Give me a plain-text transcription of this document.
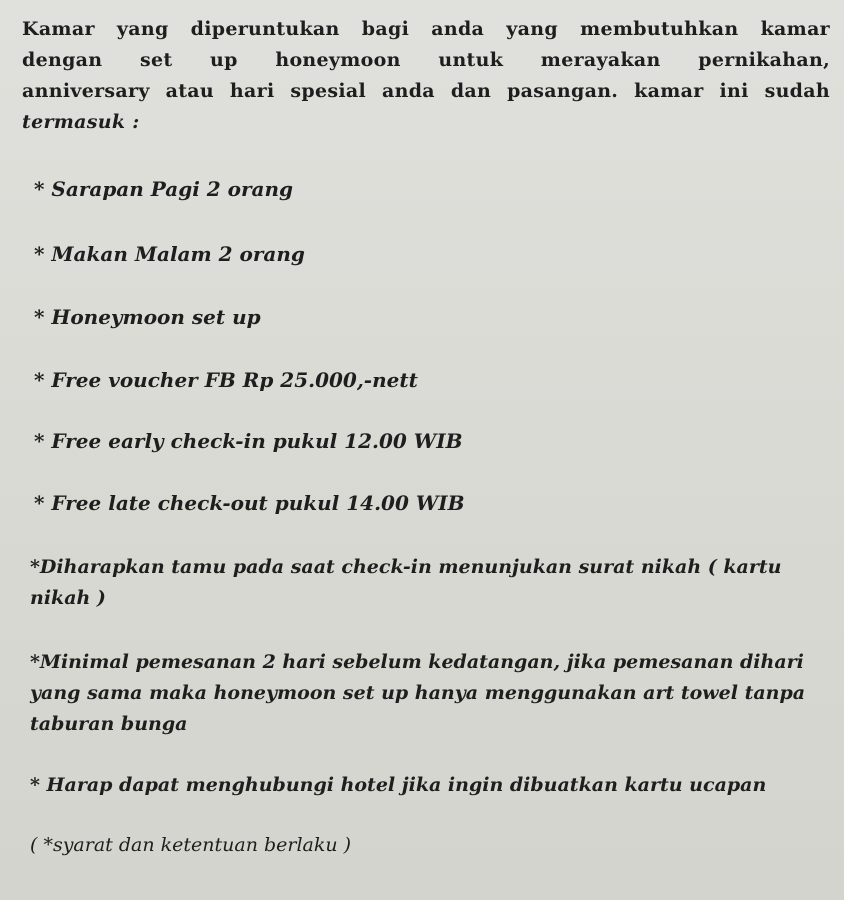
Kamar yang diperuntukan bagi anda yang membutuhkan kamar
dengan set up honeymoon untuk merayakan pernikahan,
anniversary atau hari spesial anda dan pasangan. kamar ini sudah
termasuk :
* Sarapan Pagi 2 orang
* Makan Malam 2 orang
* Honeymoon set up
* Free voucher FB Rp 25.000,-nett
* Free early check-in pukul 12.00 WIB
* Free late check-out pukul 14.00 WIB
*Diharapkan tamu pada saat check-in menunjukan surat nikah ( kartu nikah )
*Minimal pemesanan 2 hari sebelum kedatangan, jika pemesanan dihari yang sama maka honeymoon set up hanya menggunakan art towel tanpa taburan bunga
* Harap dapat menghubungi hotel jika ingin dibuatkan kartu ucapan
( *syarat dan ketentuan berlaku )
